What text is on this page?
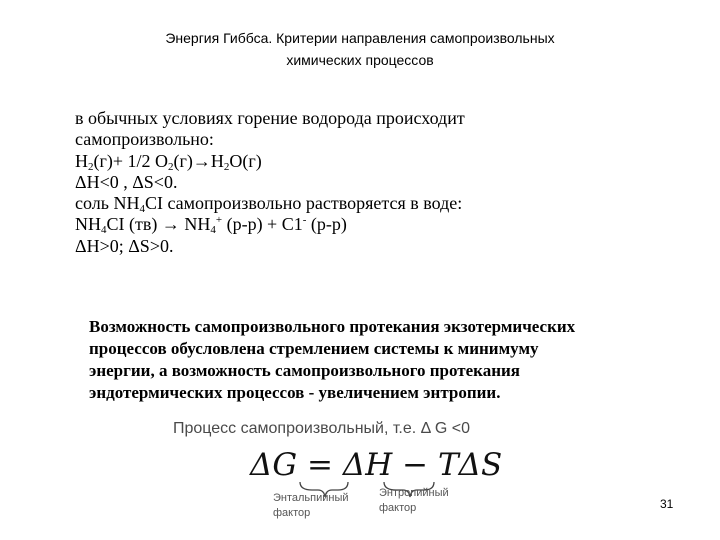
Энергия Гиббса. Критерии направления самопроизвольных
химических процессов
в обычных условиях горение водорода происходит
самопроизвольно:
$H_2(г)+ 1/2$ $O_2(г)\to H_2O(г)$
ΔH<0 , ΔS<0.
соль $NH_4CI$ самопроизвольно растворяется в воде:
$NH_4CI$ $(тв) \to NH_4^+$ (р-р) + C1- (р-р)
ΔH>0; ΔS>0.
Возможность самопроизвольного протекания экзотермических
процессов обусловлена стремлением системы к минимуму
энергии, а возможность самопроизвольного протекания
эндотермических процессов - увеличением энтропии.
Процесс самопроизвольный, т.е. Δ G <0
ΔG = ΔH − TΔS
Энтальпийный
фактор
Энтропийный
фактор	31
